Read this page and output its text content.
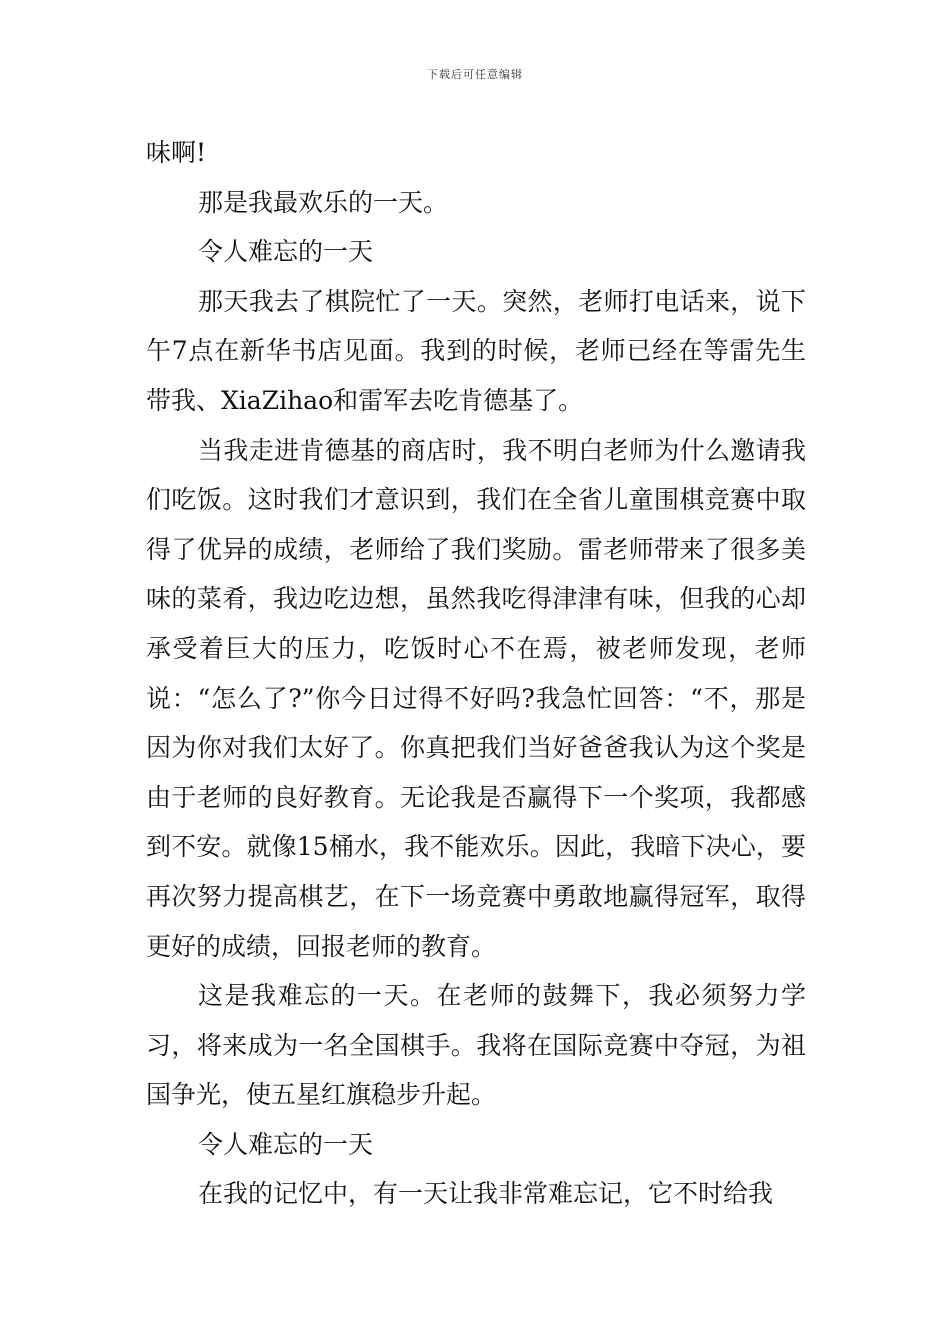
下载后可任意编辑

味啊!

那是我最欢乐的一天。

令人难忘的一天

那天我去了棋院忙了一天。突然，老师打电话来，说下午7点在新华书店见面。我到的时候，老师已经在等雷先生带我、XiaZihao和雷军去吃肯德基了。

当我走进肯德基的商店时，我不明白老师为什么邀请我们吃饭。这时我们才意识到，我们在全省儿童围棋竞赛中取得了优异的成绩，老师给了我们奖励。雷老师带来了很多美味的菜肴，我边吃边想，虽然我吃得津津有味，但我的心却承受着巨大的压力，吃饭时心不在焉，被老师发现，老师说：“怎么了?”你今日过得不好吗?我急忙回答：“不，那是因为你对我们太好了。你真把我们当好爸爸我认为这个奖是由于老师的良好教育。无论我是否赢得下一个奖项，我都感到不安。就像15桶水，我不能欢乐。因此，我暗下决心，要再次努力提高棋艺，在下一场竞赛中勇敢地赢得冠军，取得更好的成绩，回报老师的教育。

这是我难忘的一天。在老师的鼓舞下，我必须努力学习，将来成为一名全国棋手。我将在国际竞赛中夺冠，为祖国争光，使五星红旗稳步升起。

令人难忘的一天

在我的记忆中，有一天让我非常难忘记，它不时给我
